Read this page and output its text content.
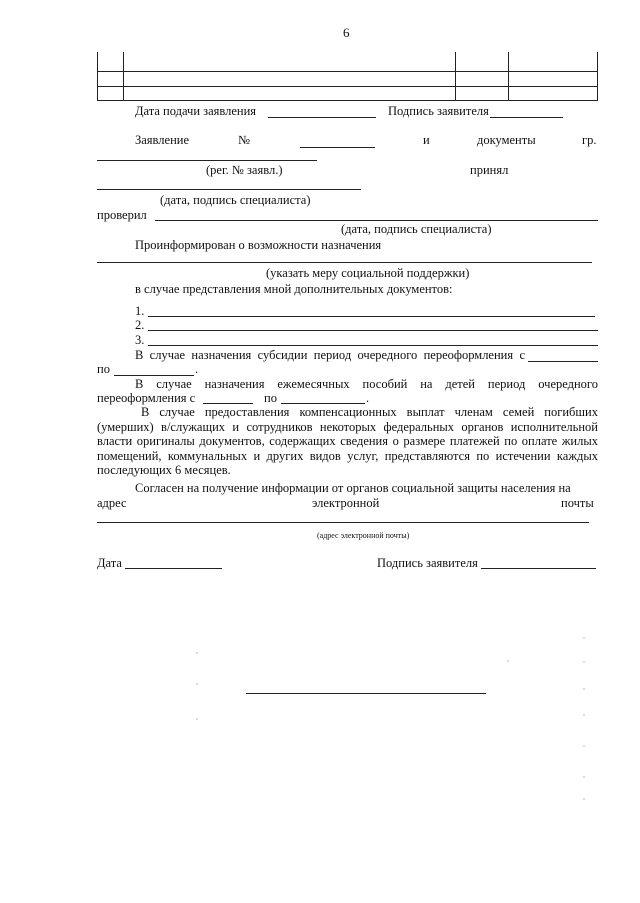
6
Дата подачи заявления	Подпись заявителя
Заявление	№	и	документы	гр.
(рег. № заявл.)	принял
(дата, подпись специалиста)
проверил
(дата, подпись специалиста)
Проинформирован о возможности назначения
(указать меру социальной поддержки)
в случае представления мной дополнительных документов:
1.
2.
3.
В случае назначения субсидии период очередного переоформления с
по	.
В случае назначения ежемесячных пособий на детей период очередного
переоформления с	по	.
В случае предоставления компенсационных выплат членам семей погибших (умерших) в/служащих и сотрудников некоторых федеральных органов исполнительной власти оригиналы документов, содержащих сведения о размере платежей по оплате жилых помещений, коммунальных и других видов услуг, представляются по истечении каждых последующих 6 месяцев.
Согласен на получение информации от органов социальной защиты населения на
адрес	электронной	почты
(адрес электронной почты)
Дата	Подпись заявителя
